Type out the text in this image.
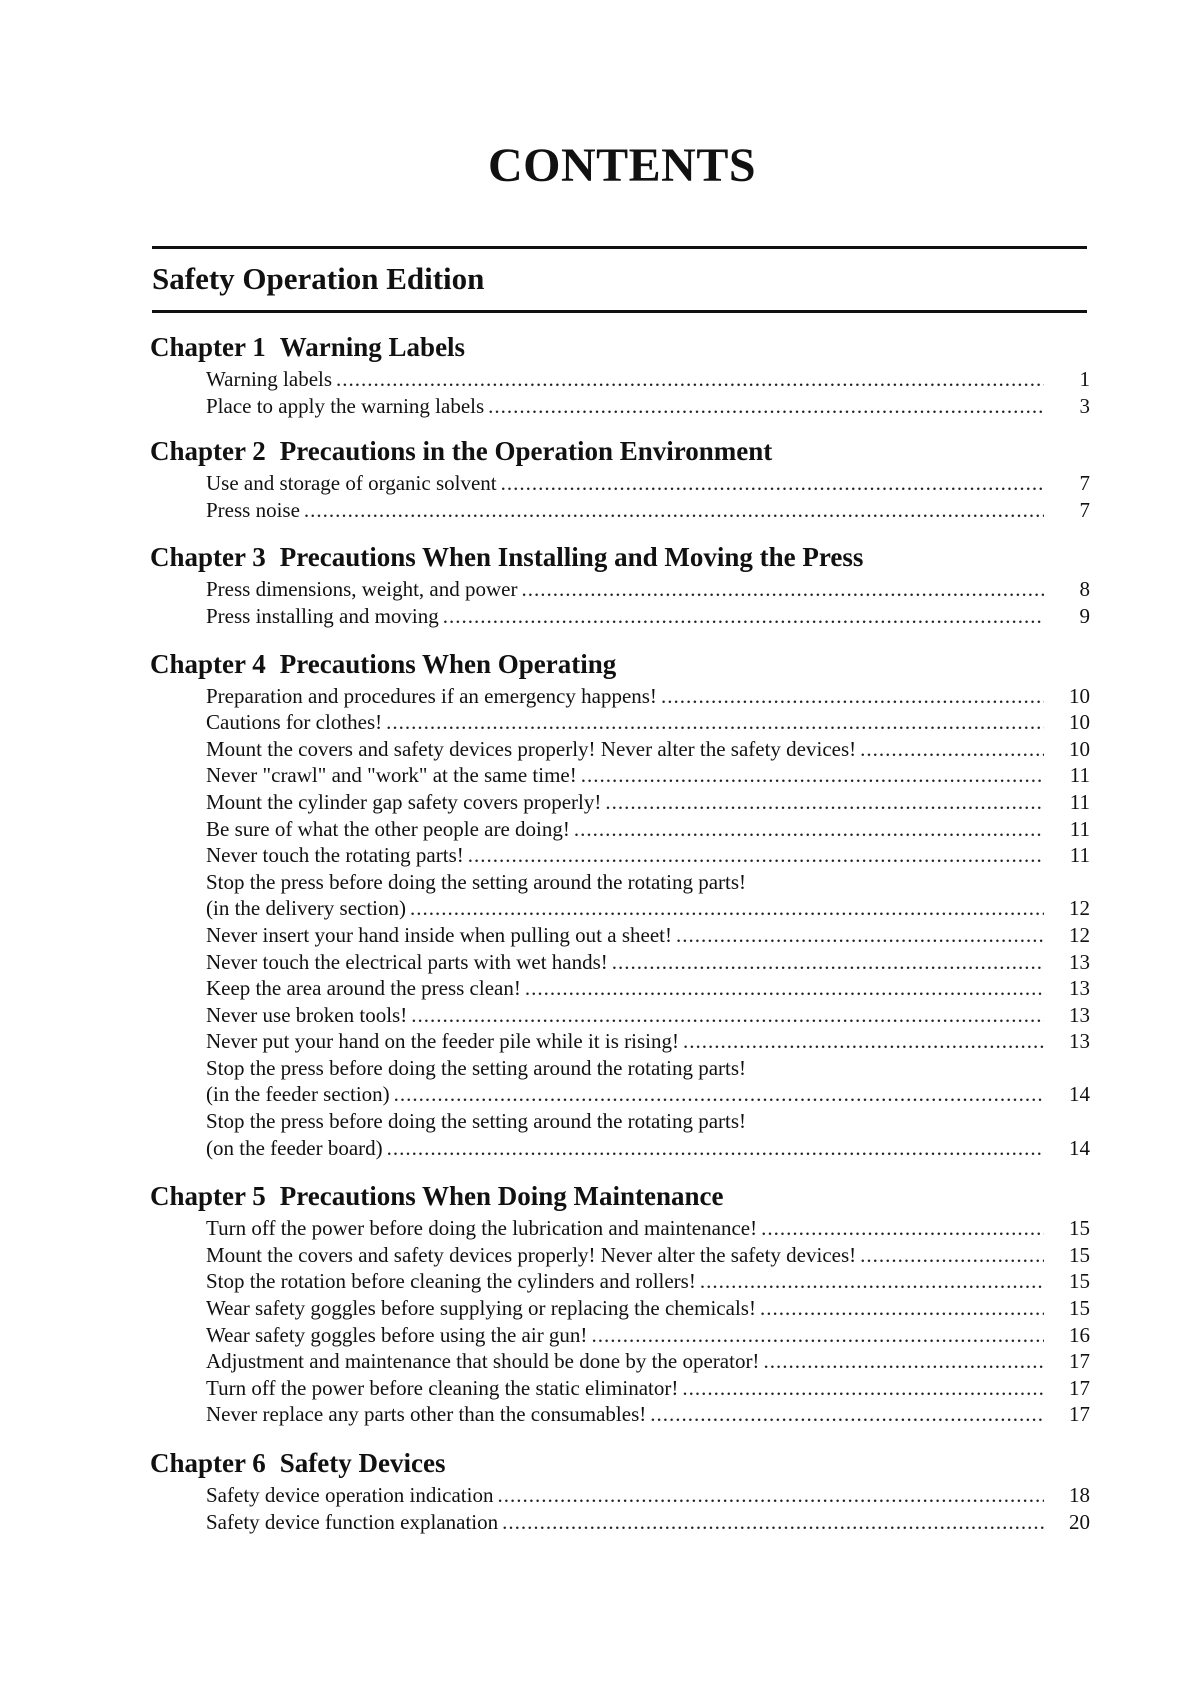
CONTENTS
Safety Operation Edition
Chapter 1 Warning Labels
Warning labels .....	1
Place to apply the warning labels .....	3
Chapter 2 Precautions in the Operation Environment
Use and storage of organic solvent .....	7
Press noise .....	7
Chapter 3 Precautions When Installing and Moving the Press
Press dimensions, weight, and power .....	8
Press installing and moving .....	9
Chapter 4 Precautions When Operating
Preparation and procedures if an emergency happens! .....	10
Cautions for clothes! .....	10
Mount the covers and safety devices properly! Never alter the safety devices! .....	10
Never "crawl" and "work" at the same time! .....	11
Mount the cylinder gap safety covers properly! .....	11
Be sure of what the other people are doing! .....	11
Never touch the rotating parts! .....	11
Stop the press before doing the setting around the rotating parts!
(in the delivery section) .....	12
Never insert your hand inside when pulling out a sheet! .....	12
Never touch the electrical parts with wet hands! .....	13
Keep the area around the press clean! .....	13
Never use broken tools! .....	13
Never put your hand on the feeder pile while it is rising! .....	13
Stop the press before doing the setting around the rotating parts!
(in the feeder section) .....	14
Stop the press before doing the setting around the rotating parts!
(on the feeder board) .....	14
Chapter 5 Precautions When Doing Maintenance
Turn off the power before doing the lubrication and maintenance! .....	15
Mount the covers and safety devices properly! Never alter the safety devices! .....	15
Stop the rotation before cleaning the cylinders and rollers! .....	15
Wear safety goggles before supplying or replacing the chemicals! .....	15
Wear safety goggles before using the air gun! .....	16
Adjustment and maintenance that should be done by the operator! .....	17
Turn off the power before cleaning the static eliminator! .....	17
Never replace any parts other than the consumables! .....	17
Chapter 6 Safety Devices
Safety device operation indication .....	18
Safety device function explanation .....	20
